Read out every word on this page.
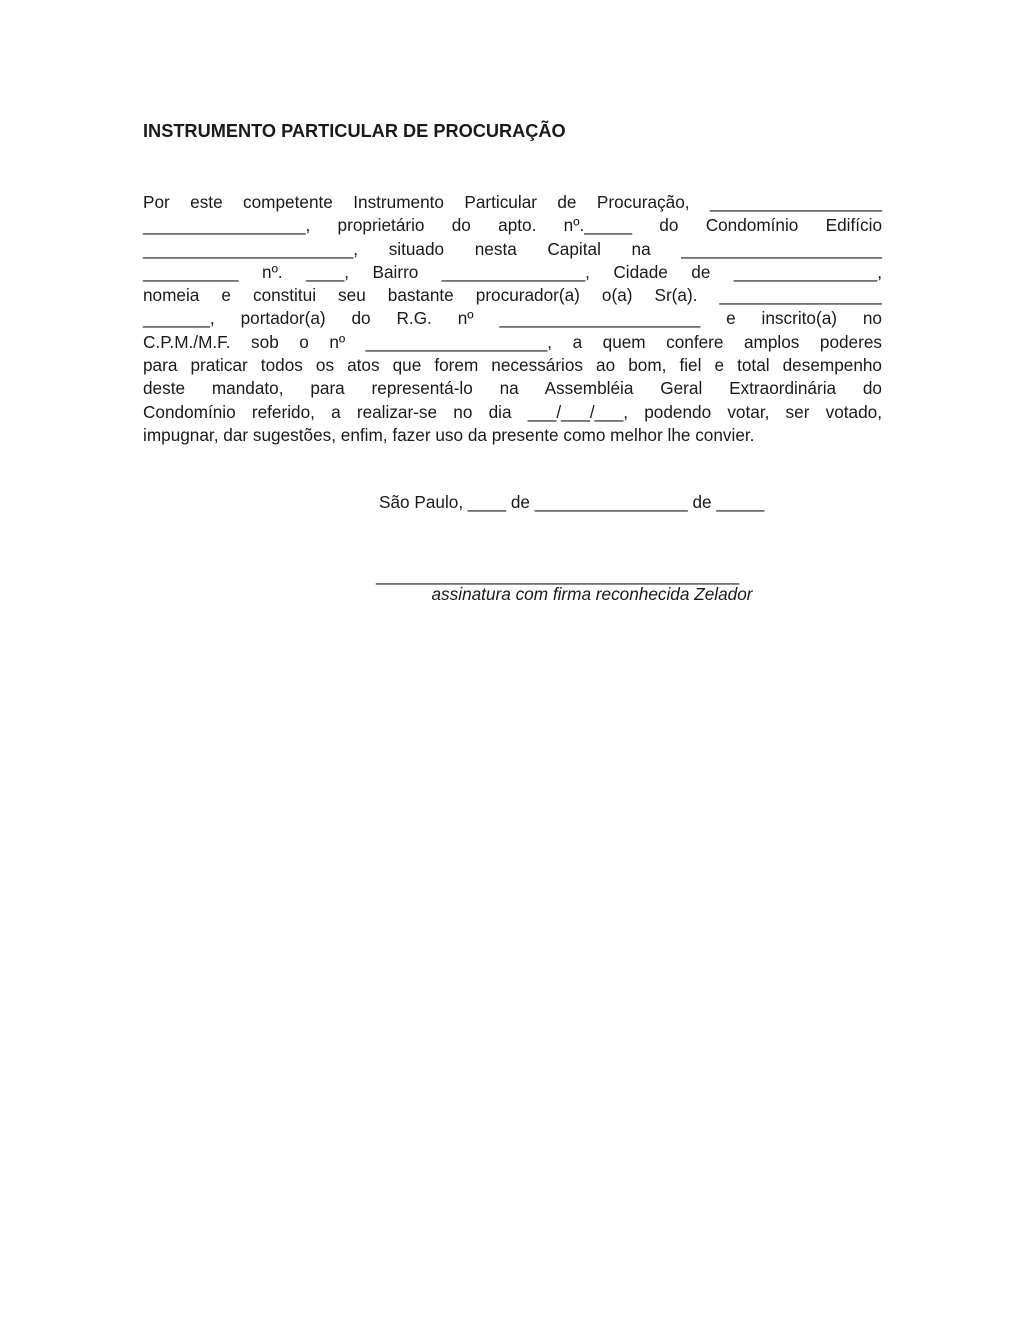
INSTRUMENTO PARTICULAR DE PROCURAÇÃO
Por este competente Instrumento Particular de Procuração, __________________
_________________, proprietário do apto. nº._____ do Condomínio Edifício
______________________, situado nesta Capital na _____________________
__________ nº. ____, Bairro _______________, Cidade de _______________,
nomeia e constitui seu bastante procurador(a) o(a) Sr(a). _________________
_______, portador(a) do R.G. nº _____________________ e inscrito(a) no
C.P.M./M.F. sob o nº ___________________, a quem confere amplos poderes
para praticar todos os atos que forem necessários ao bom, fiel e total desempenho
deste mandato, para representá-lo na Assembléia Geral Extraordinária do
Condomínio referido, a realizar-se no dia ___/___/___, podendo votar, ser votado,
impugnar, dar sugestões, enfim, fazer uso da presente como melhor lhe convier.

São Paulo, ____ de ________________ de _____

______________________________________

assinatura com firma reconhecida Zelador
